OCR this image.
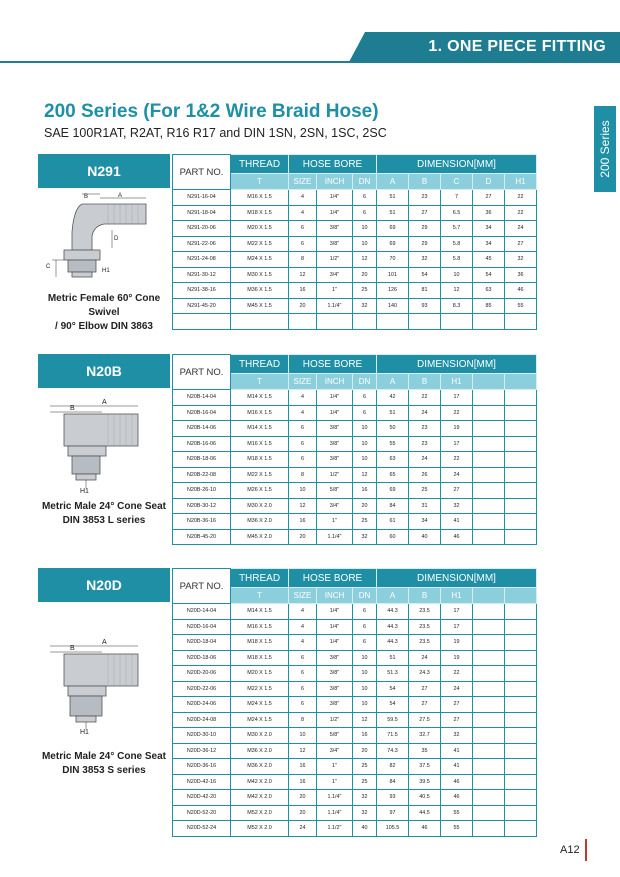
1. ONE PIECE FITTING
200 Series
200 Series (For 1&2 Wire Braid Hose)
SAE 100R1AT, R2AT, R16 R17 and DIN 1SN, 2SN, 1SC, 2SC
N291
B	A
D
C
H1
Metric Female 60° Cone Swivel
/ 90° Elbow DIN 3863
PART NO.	THREAD	HOSE BORE			DIMENSION[MM]				
	T	SIZE	INCH	DN	A	B	C	D	H1
N291-16-04	M16 X 1.5	4	1/4"	6	51	23	7	27	22
N291-18-04	M18 X 1.5	4	1/4"	6	51	27	6.5	36	22
N291-20-06	M20 X 1.5	6	3/8"	10	69	29	5.7	34	24
N291-22-06	M22 X 1.5	6	3/8"	10	69	29	5.8	34	27
N291-24-08	M24 X 1.5	8	1/2"	12	70	32	5.8	45	32
N291-30-12	M30 X 1.5	12	3/4"	20	101	54	10	54	36
N291-38-16	M36 X 1.5	16	1"	25	126	81	12	63	46
N291-45-20	M45 X 1.5	20	1.1/4"	32	140	93	8.3	85	55

N20B
B
A
H1
Metric Male 24° Cone Seat
DIN 3853 L series
PART NO.	THREAD	HOSE BORE			DIMENSION[MM]				
	T	SIZE	INCH	DN	A	B	H1		
N20B-14-04	M14 X 1.5	4	1/4"	6	42	22	17		
N20B-16-04	M16 X 1.5	4	1/4"	6	51	24	22		
N20B-14-06	M14 X 1.5	6	3/8"	10	50	23	19		
N20B-16-06	M16 X 1.5	6	3/8"	10	55	23	17		
N20B-18-06	M18 X 1.5	6	3/8"	10	63	24	22		
N20B-22-08	M22 X 1.5	8	1/2"	12	65	26	24		
N20B-26-10	M26 X 1.5	10	5/8"	16	69	25	27		
N20B-30-12	M30 X 2.0	12	3/4"	20	84	31	32		
N20B-36-16	M36 X 2.0	16	1"	25	61	34	41		
N20B-45-20	M45 X 2.0	20	1.1/4"	32	60	40	46		
N20D
B
A
H1
Metric Male 24° Cone Seat
DIN 3853 S series
PART NO.	THREAD	HOSE BORE			DIMENSION[MM]				
	T	SIZE	INCH	DN	A	B	H1		
N20D-14-04	M14 X 1.5	4	1/4"	6	44.3	23.5	17		
N20D-16-04	M16 X 1.5	4	1/4"	6	44.3	23.5	17		
N20D-18-04	M18 X 1.5	4	1/4"	6	44.3	23.5	19		
N20D-18-06	M18 X 1.5	6	3/8"	10	51	24	19		
N20D-20-06	M20 X 1.5	6	3/8"	10	51.3	24.3	22		
N20D-22-06	M22 X 1.5	6	3/8"	10	54	27	24		
N20D-24-06	M24 X 1.5	6	3/8"	10	54	27	27		
N20D-24-08	M24 X 1.5	8	1/2"	12	59.5	27.5	27		
N20D-30-10	M30 X 2.0	10	5/8"	16	71.5	32.7	32		
N20D-36-12	M36 X 2.0	12	3/4"	20	74.3	35	41		
N20D-36-16	M36 X 2.0	16	1"	25	82	37.5	41		
N20D-42-16	M42 X 2.0	16	1"	25	84	39.5	46		
N20D-42-20	M42 X 2.0	20	1.1/4"	32	93	40.5	46		
N20D-52-20	M52 X 2.0	20	1.1/4"	32	97	44.5	55		
N20D-52-24	M52 X 2.0	24	1.1/2"	40	105.5	46	55		
A12
